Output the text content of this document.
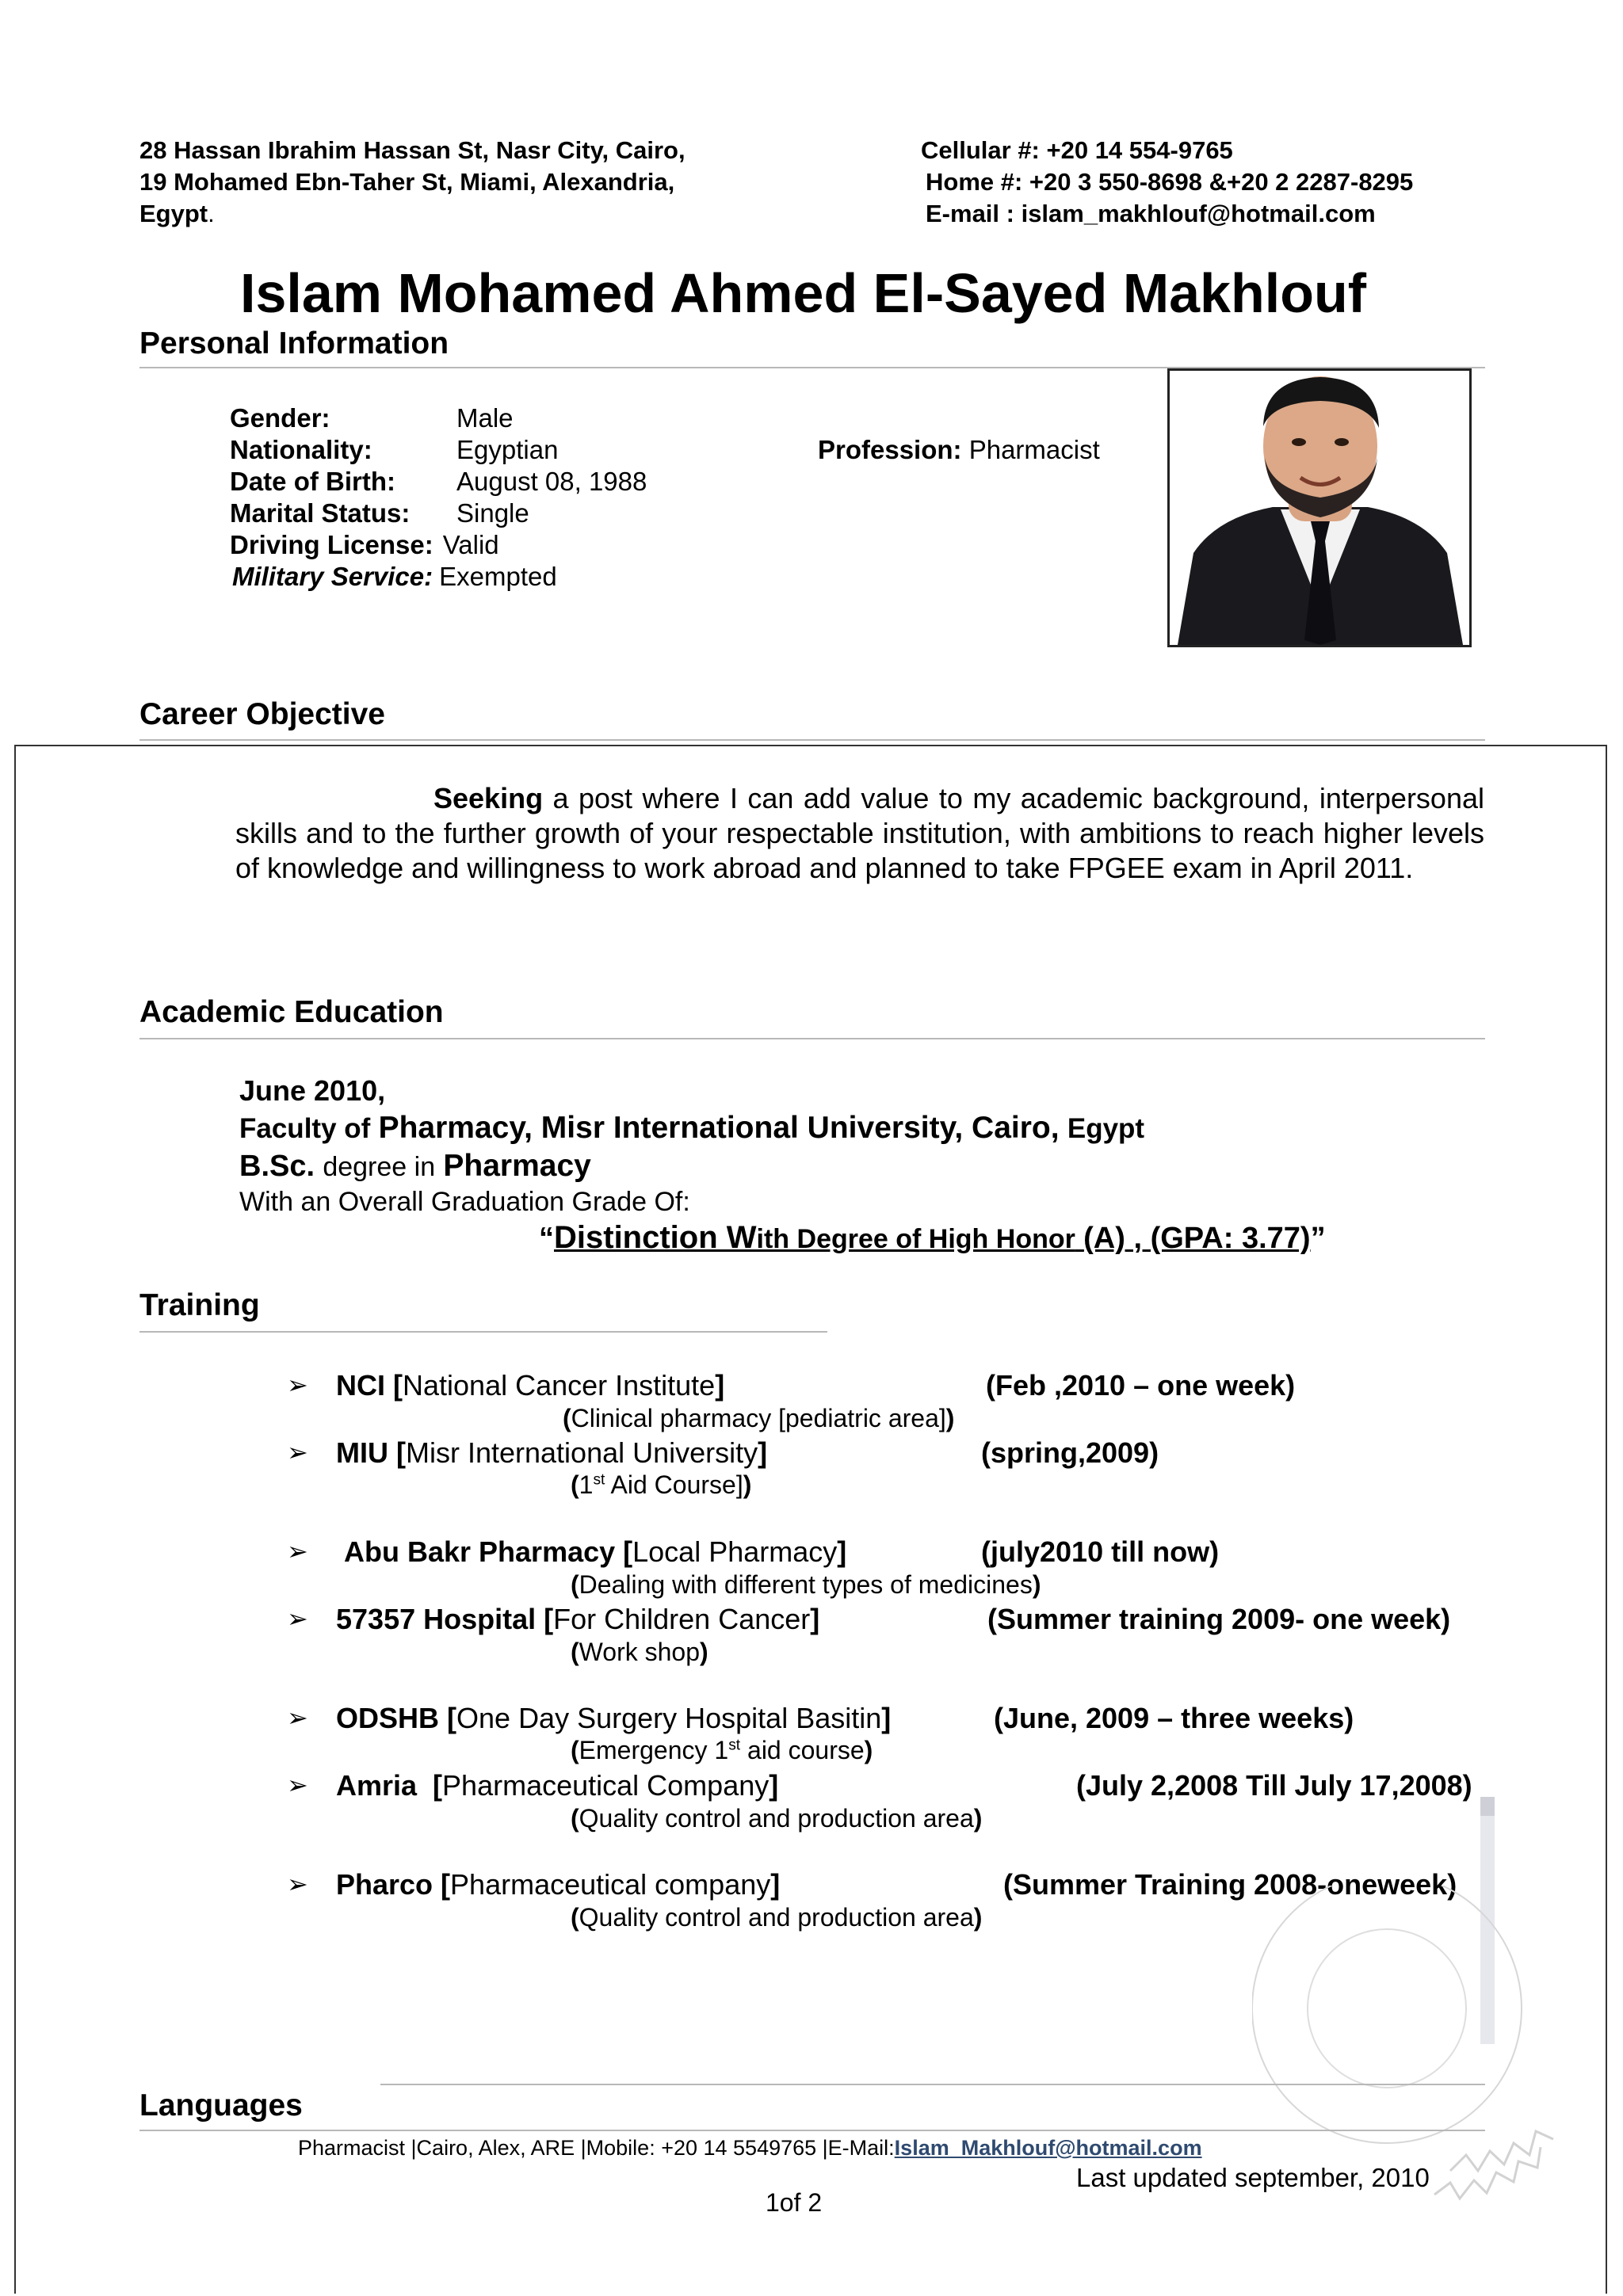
28 Hassan Ibrahim Hassan St, Nasr City, Cairo,
19 Mohamed Ebn-Taher St, Miami, Alexandria,
Egypt.
Cellular #: +20 14 554-9765
Home #: +20 3 550-8698 &+20 2 2287-8295
E-mail : islam_makhlouf@hotmail.com
Islam Mohamed Ahmed El-Sayed Makhlouf
Personal Information
Gender:	Male
Nationality:	Egyptian
Date of Birth: August 08, 1988
Marital Status: Single
Driving License: Valid
Military Service: Exempted
Profession: Pharmacist
Career Objective
Seeking a post where I can add value to my academic background, interpersonal skills and to the further growth of your respectable institution, with ambitions to reach higher levels of knowledge and willingness to work abroad and planned to take FPGEE exam in April 2011.
Academic Education
June 2010,
Faculty of Pharmacy, Misr International University, Cairo, Egypt
B.Sc. degree in Pharmacy
With an Overall Graduation Grade Of:
“Distinction With Degree of High Honor (A) , (GPA: 3.77)”
Training
➢ NCI [National Cancer Institute]	(Feb ,2010 – one week)
(Clinical pharmacy [pediatric area])
➢ MIU [Misr International University]	(spring,2009)
(1st Aid Course])
➢ Abu Bakr Pharmacy [Local Pharmacy]	(july2010 till now)
(Dealing with different types of medicines)
➢ 57357 Hospital [For Children Cancer]	(Summer training 2009- one week)
(Work shop)
➢ ODSHB [One Day Surgery Hospital Basitin]	(June, 2009 – three weeks)
(Emergency 1st aid course)
➢ Amria  [Pharmaceutical Company]	(July 2,2008 Till July 17,2008)
(Quality control and production area)
➢ Pharco [Pharmaceutical company]	(Summer Training 2008-oneweek)
(Quality control and production area)
Languages
Pharmacist |Cairo, Alex, ARE |Mobile: +20 14 5549765 |E-Mail:Islam_Makhlouf@hotmail.com
Last updated september, 2010
1of 2
